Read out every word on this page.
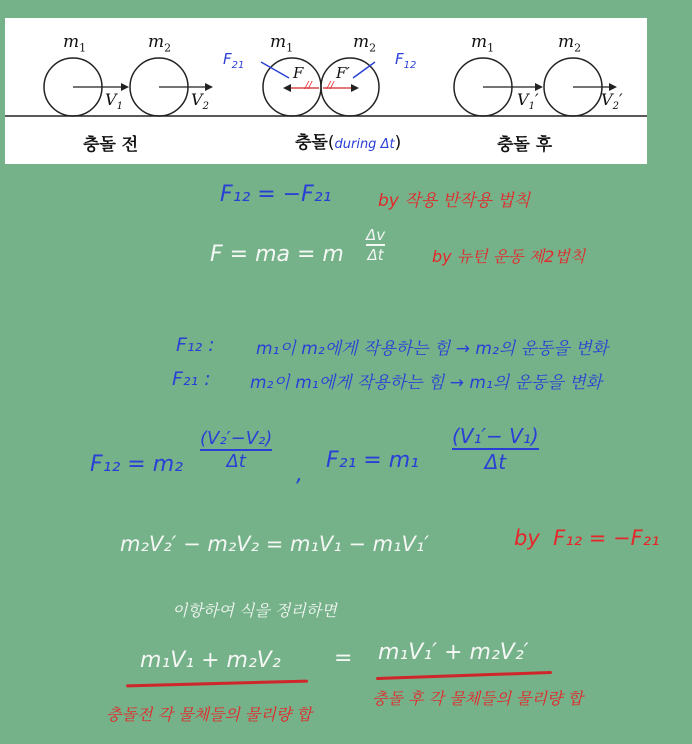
$m_1$	$m_2$	$m_1$	$m_2$	$m_1$	$m_2$
$V_1$	$V_2$	$V_1'$	$V_2'$
$F_{21}$	$F_{12}$
F F′
// //
충돌 전	충돌(during Δt)	충돌 후
F₁₂ = −F₂₁	by 작용 반작용 법칙
F = ma = m
Δv
Δt	by 뉴턴 운동 제2법칙
F₁₂ : m₁이 m₂에게 작용하는 힘 → m₂의 운동을 변화
F₂₁ : m₂이 m₁에게 작용하는 힘 → m₁의 운동을 변화
F₁₂ = m₂
(V₂′−V₂)
Δt
,
F₂₁ = m₁
(V₁′− V₁)
Δt
m₂V₂′ − m₂V₂ = m₁V₁ − m₁V₁′	by F₁₂ = −F₂₁
이항하여 식을 정리하면
m₁V₁ + m₂V₂ = m₁V₁′ + m₂V₂′
충돌전 각 물체들의 물리량 합
충돌 후 각 물체들의 물리량 합
